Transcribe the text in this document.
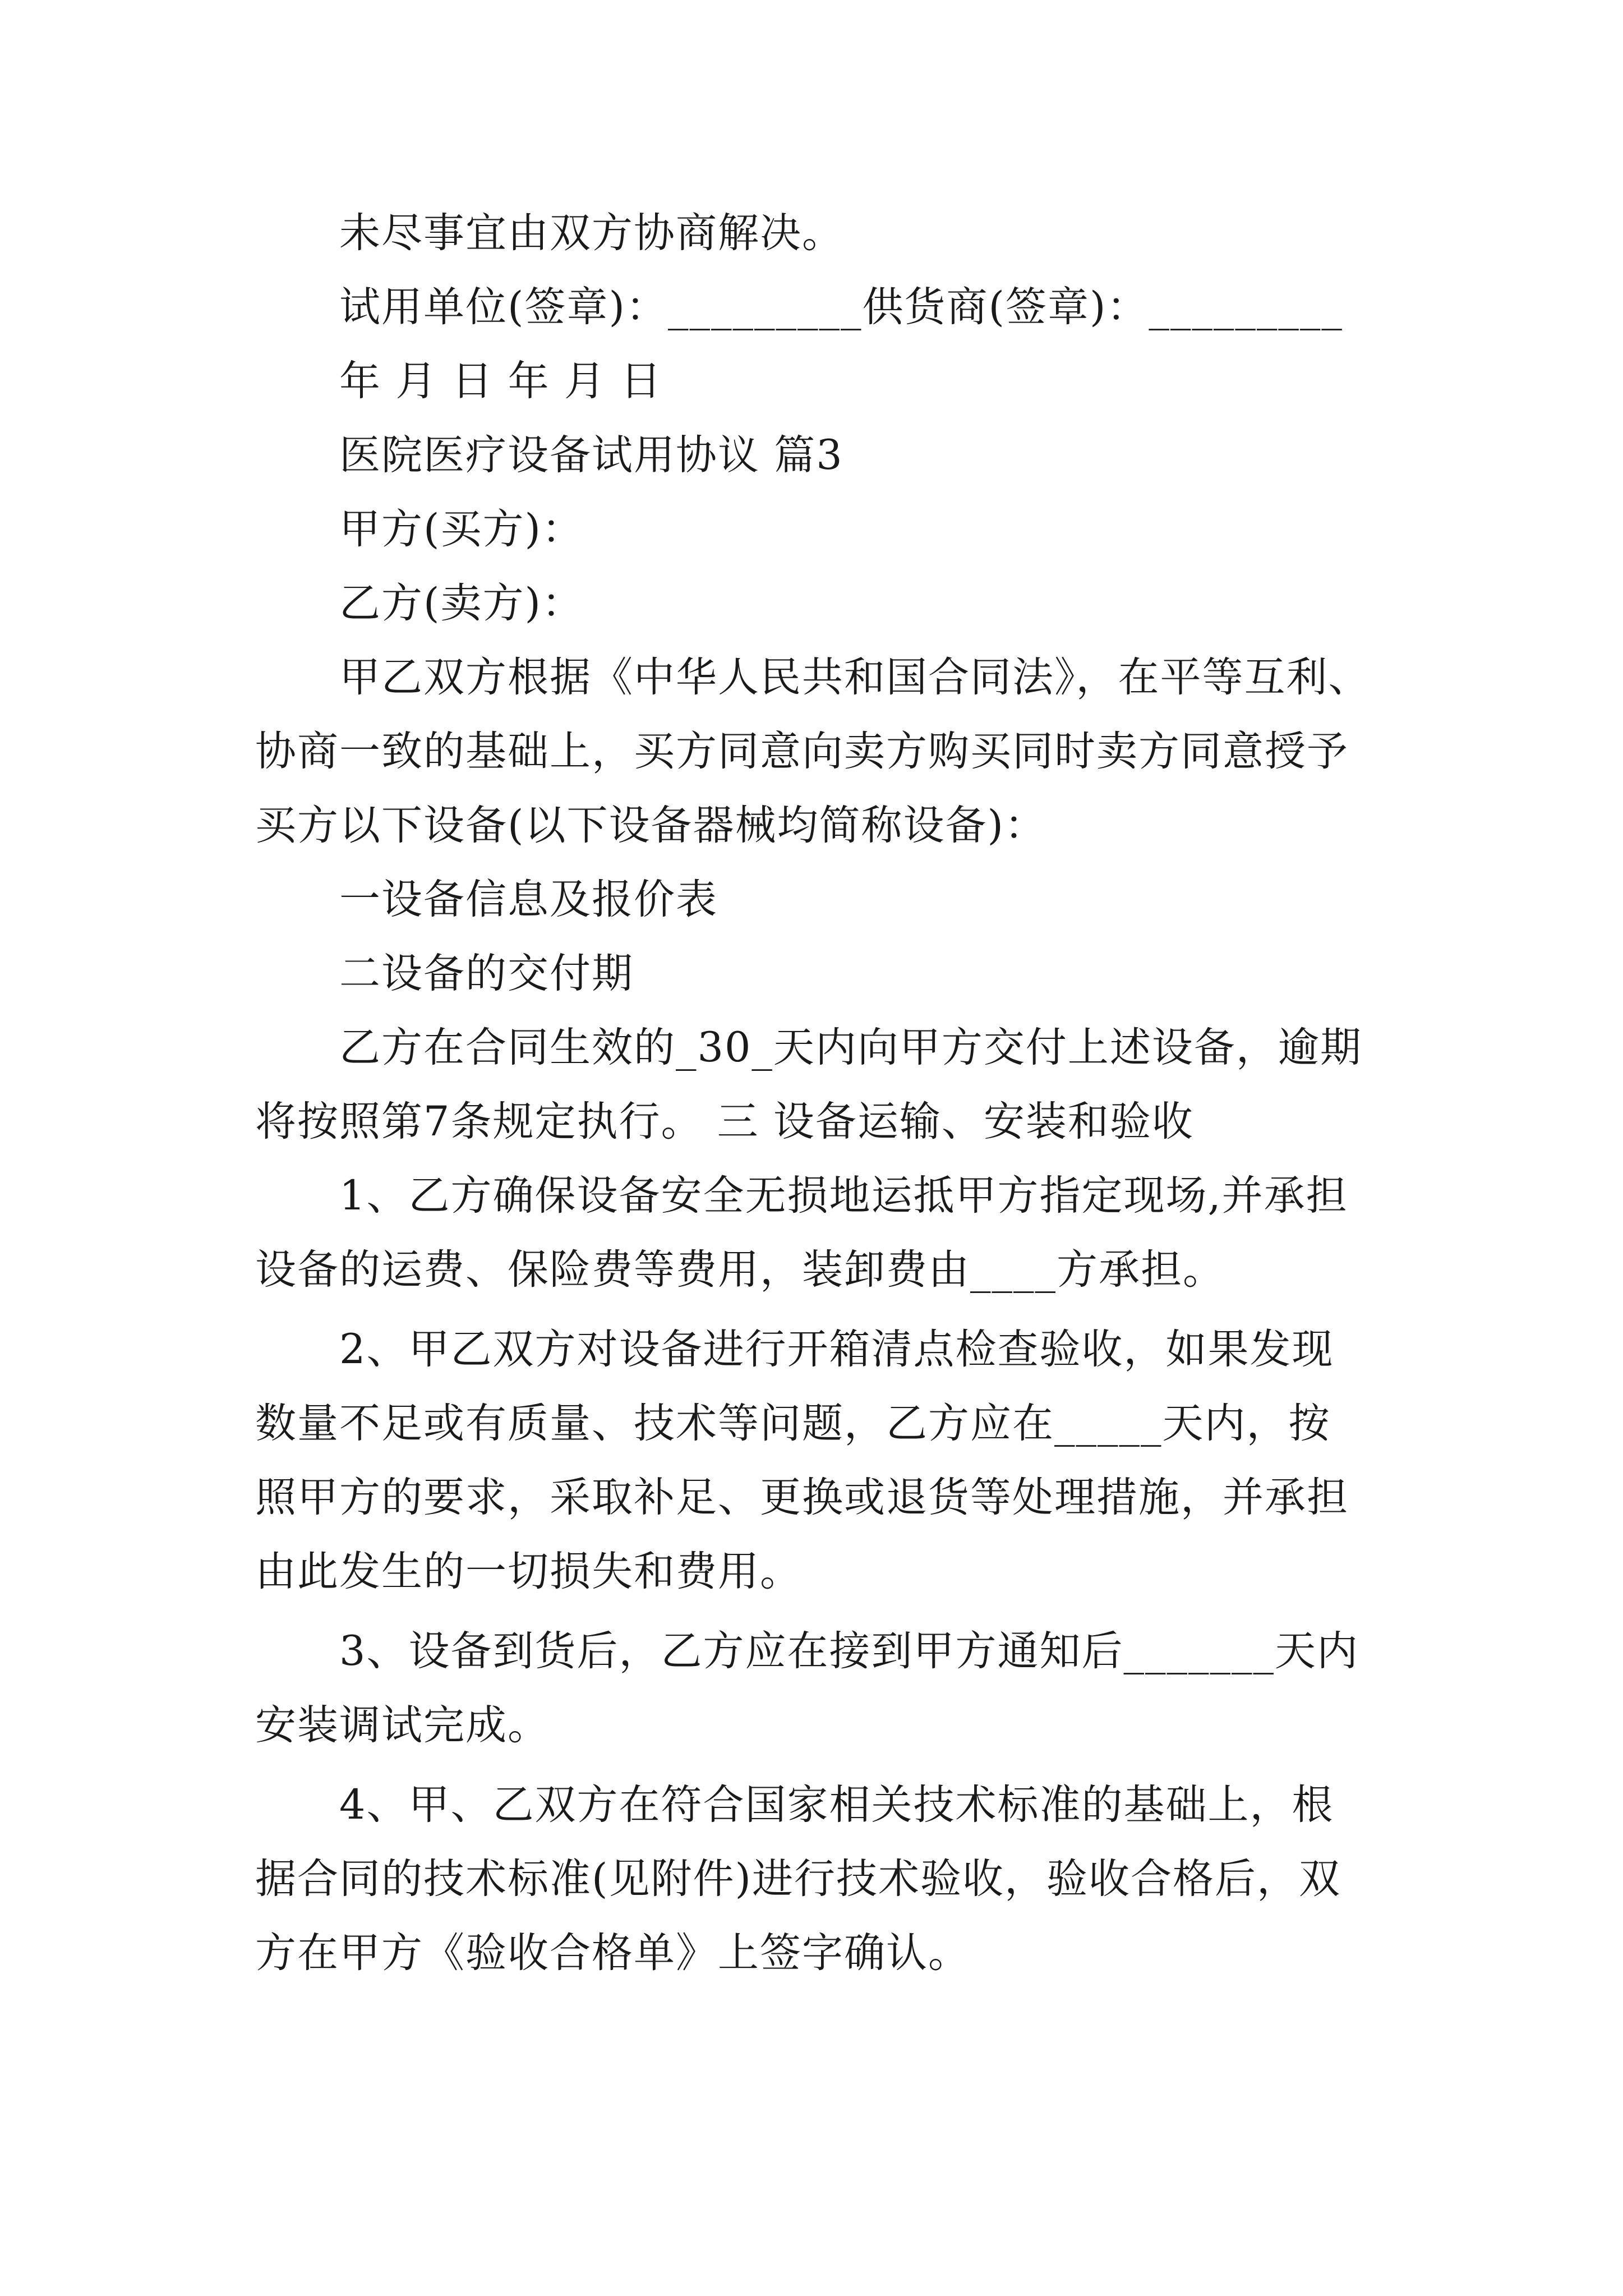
未尽事宜由双方协商解决。

试用单位(签章)：_________供货商(签章)：_________

年 月 日 年 月 日

医院医疗设备试用协议 篇3

甲方(买方)：

乙方(卖方)：

甲乙双方根据《中华人民共和国合同法》，在平等互利、

协商一致的基础上，买方同意向卖方购买同时卖方同意授予

买方以下设备(以下设备器械均简称设备)：

一设备信息及报价表

二设备的交付期

乙方在合同生效的_30_天内向甲方交付上述设备，逾期

将按照第7条规定执行。 三 设备运输、安装和验收

1、乙方确保设备安全无损地运抵甲方指定现场,并承担

设备的运费、保险费等费用，装卸费由____方承担。

2、甲乙双方对设备进行开箱清点检查验收，如果发现

数量不足或有质量、技术等问题，乙方应在_____天内，按

照甲方的要求，采取补足、更换或退货等处理措施，并承担

由此发生的一切损失和费用。

3、设备到货后，乙方应在接到甲方通知后_______天内

安装调试完成。

4、甲、乙双方在符合国家相关技术标准的基础上，根

据合同的技术标准(见附件)进行技术验收，验收合格后，双

方在甲方《验收合格单》上签字确认。
